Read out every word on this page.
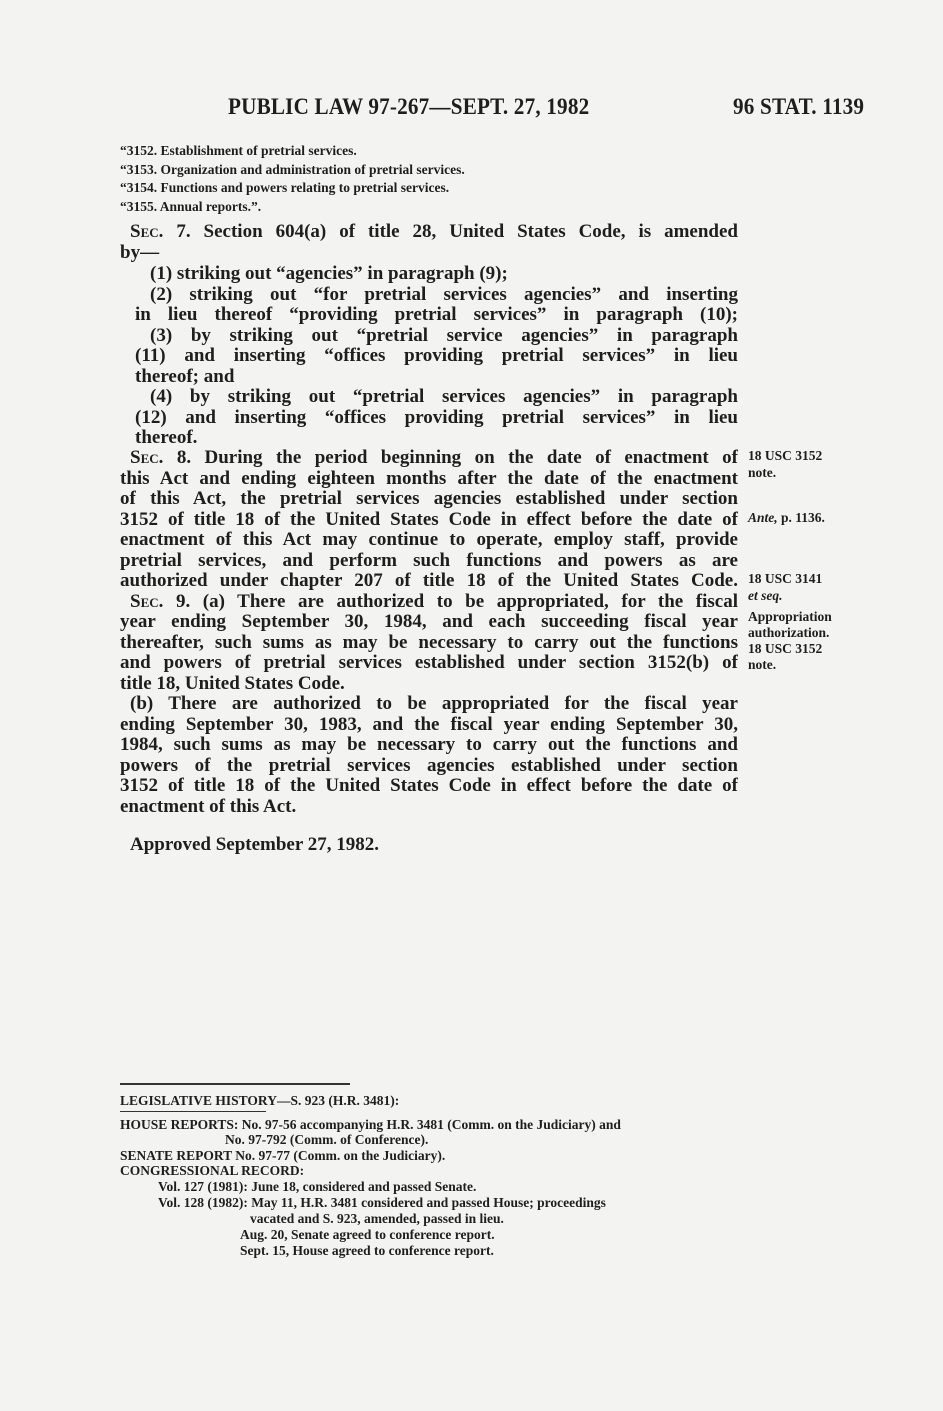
PUBLIC LAW 97-267—SEPT. 27, 1982	96 STAT. 1139
“3152. Establishment of pretrial services.
“3153. Organization and administration of pretrial services.
“3154. Functions and powers relating to pretrial services.
“3155. Annual reports.”.
Sec. 7. Section 604(a) of title 28, United States Code, is amended
by—
(1) striking out “agencies” in paragraph (9);
(2) striking out “for pretrial services agencies” and inserting
in lieu thereof “providing pretrial services” in paragraph (10);
(3) by striking out “pretrial service agencies” in paragraph
(11) and inserting “offices providing pretrial services” in lieu
thereof; and
(4) by striking out “pretrial services agencies” in paragraph
(12) and inserting “offices providing pretrial services” in lieu
thereof.
Sec. 8. During the period beginning on the date of enactment of
this Act and ending eighteen months after the date of the enactment
of this Act, the pretrial services agencies established under section
3152 of title 18 of the United States Code in effect before the date of
enactment of this Act may continue to operate, employ staff, provide
pretrial services, and perform such functions and powers as are
authorized under chapter 207 of title 18 of the United States Code.
Sec. 9. (a) There are authorized to be appropriated, for the fiscal
year ending September 30, 1984, and each succeeding fiscal year
thereafter, such sums as may be necessary to carry out the functions
and powers of pretrial services established under section 3152(b) of
title 18, United States Code.
(b) There are authorized to be appropriated for the fiscal year
ending September 30, 1983, and the fiscal year ending September 30,
1984, such sums as may be necessary to carry out the functions and
powers of the pretrial services agencies established under section
3152 of title 18 of the United States Code in effect before the date of
enactment of this Act.
Approved September 27, 1982.
18 USC 3152
note.
Ante, p. 1136.
18 USC 3141
et seq.
Appropriation
authorization.
18 USC 3152
note.
LEGISLATIVE HISTORY—S. 923 (H.R. 3481):
HOUSE REPORTS: No. 97-56 accompanying H.R. 3481 (Comm. on the Judiciary) and
No. 97-792 (Comm. of Conference).
SENATE REPORT No. 97-77 (Comm. on the Judiciary).
CONGRESSIONAL RECORD:
Vol. 127 (1981): June 18, considered and passed Senate.
Vol. 128 (1982): May 11, H.R. 3481 considered and passed House; proceedings
vacated and S. 923, amended, passed in lieu.
Aug. 20, Senate agreed to conference report.
Sept. 15, House agreed to conference report.
